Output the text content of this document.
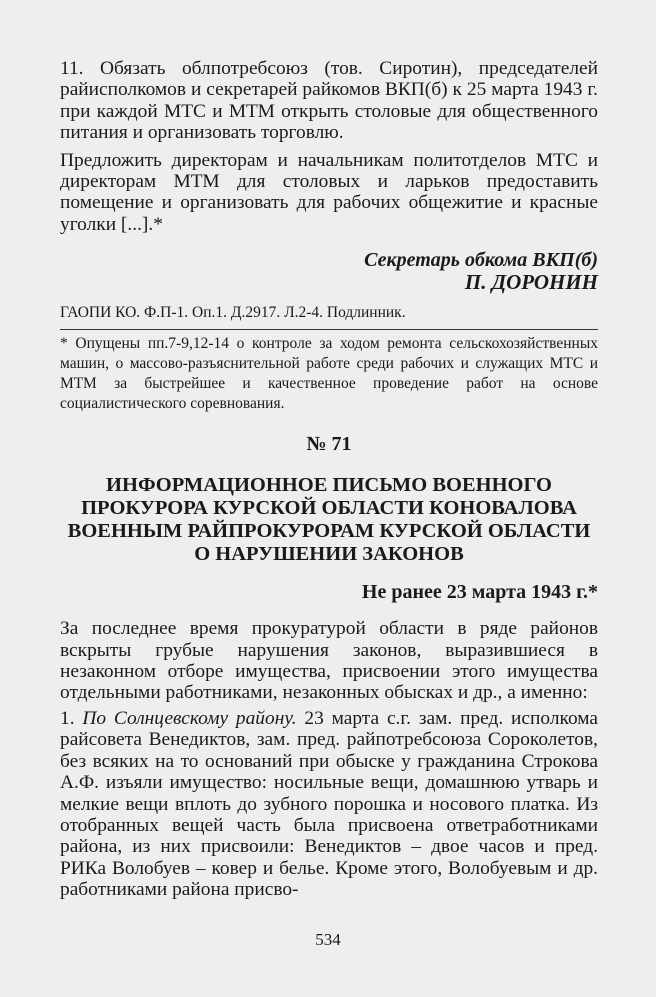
11. Обязать облпотребсоюз (тов. Сиротин), председателей райисполкомов и секретарей райкомов ВКП(б) к 25 марта 1943 г. при каждой МТС и МТМ открыть столовые для общественного питания и организовать торговлю.

Предложить директорам и начальникам политотделов МТС и директорам МТМ для столовых и ларьков предоставить помещение и организовать для рабочих общежитие и красные уголки [...].*

Секретарь обкома ВКП(б)

П. ДОРОНИН

ГАОПИ КО. Ф.П-1. Оп.1. Д.2917. Л.2-4. Подлинник.

* Опущены пп.7-9,12-14 о контроле за ходом ремонта сельскохозяйственных машин, о массово-разъяснительной работе среди рабочих и служащих МТС и МТМ за быстрейшее и качественное проведение работ на основе социалистического соревнования.

№ 71

ИНФОРМАЦИОННОЕ ПИСЬМО ВОЕННОГО ПРОКУРОРА КУРСКОЙ ОБЛАСТИ КОНОВАЛОВА ВОЕННЫМ РАЙПРОКУРОРАМ КУРСКОЙ ОБЛАСТИ О НАРУШЕНИИ ЗАКОНОВ

Не ранее 23 марта 1943 г.*

За последнее время прокуратурой области в ряде районов вскрыты грубые нарушения законов, выразившиеся в незаконном отборе имущества, присвоении этого имущества отдельными работниками, незаконных обысках и др., а именно:

1. По Солнцевскому району. 23 марта с.г. зам. пред. исполкома райсовета Венедиктов, зам. пред. райпотребсоюза Сороколетов, без всяких на то оснований при обыске у гражданина Строкова А.Ф. изъяли имущество: носильные вещи, домашнюю утварь и мелкие вещи вплоть до зубного порошка и носового платка. Из отобранных вещей часть была присвоена ответработниками района, из них присвоили: Венедиктов – двое часов и пред. РИКа Волобуев – ковер и белье. Кроме этого, Волобуевым и др. работниками района присво-

534
